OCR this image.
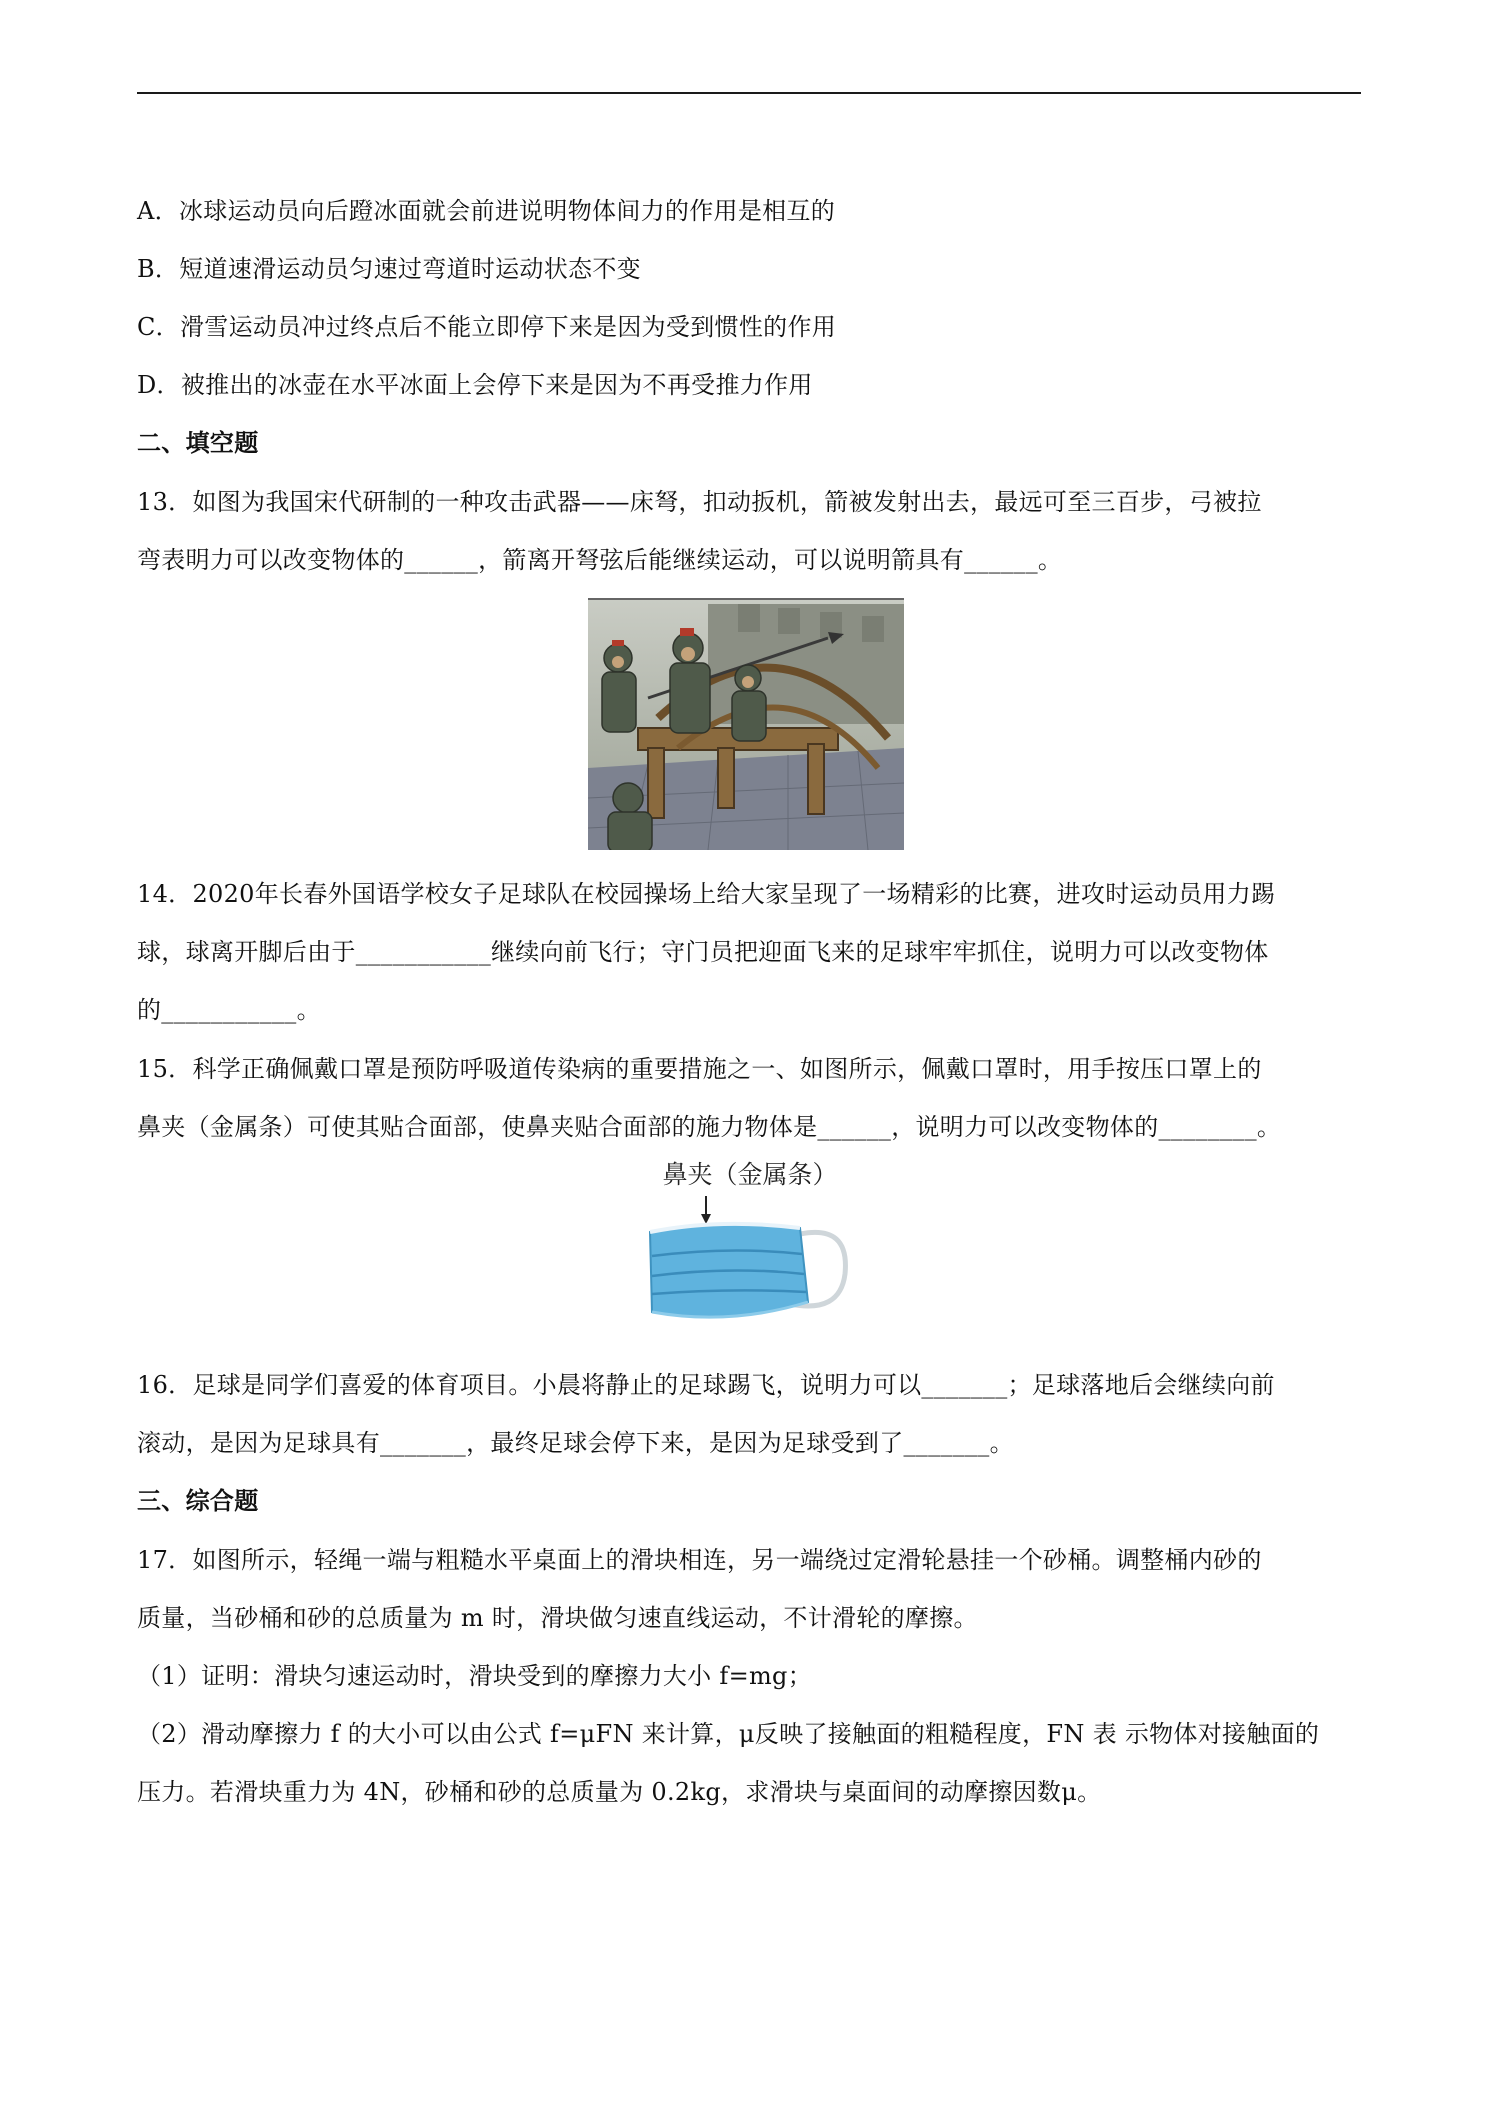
A．冰球运动员向后蹬冰面就会前进说明物体间力的作用是相互的
B．短道速滑运动员匀速过弯道时运动状态不变
C．滑雪运动员冲过终点后不能立即停下来是因为受到惯性的作用
D．被推出的冰壶在水平冰面上会停下来是因为不再受推力作用
二、填空题
13．如图为我国宋代研制的一种攻击武器——床弩，扣动扳机，箭被发射出去，最远可至三百步，弓被拉
弯表明力可以改变物体的______，箭离开弩弦后能继续运动，可以说明箭具有______。
14．2020年长春外国语学校女子足球队在校园操场上给大家呈现了一场精彩的比赛，进攻时运动员用力踢
球，球离开脚后由于___________继续向前飞行；守门员把迎面飞来的足球牢牢抓住，说明力可以改变物体
的___________。
15．科学正确佩戴口罩是预防呼吸道传染病的重要措施之一、如图所示，佩戴口罩时，用手按压口罩上的
鼻夹（金属条）可使其贴合面部，使鼻夹贴合面部的施力物体是______，说明力可以改变物体的________。
鼻夹（金属条）
16．足球是同学们喜爱的体育项目。小晨将静止的足球踢飞，说明力可以_______；足球落地后会继续向前
滚动，是因为足球具有_______，最终足球会停下来，是因为足球受到了_______。
三、综合题
17．如图所示，轻绳一端与粗糙水平桌面上的滑块相连，另一端绕过定滑轮悬挂一个砂桶。调整桶内砂的
质量，当砂桶和砂的总质量为 m 时，滑块做匀速直线运动，不计滑轮的摩擦。
（1）证明：滑块匀速运动时，滑块受到的摩擦力大小 f=mg；
（2）滑动摩擦力 f 的大小可以由公式 f=μFN 来计算，μ反映了接触面的粗糙程度，FN 表 示物体对接触面的
压力。若滑块重力为 4N，砂桶和砂的总质量为 0.2kg，求滑块与桌面间的动摩擦因数μ。
